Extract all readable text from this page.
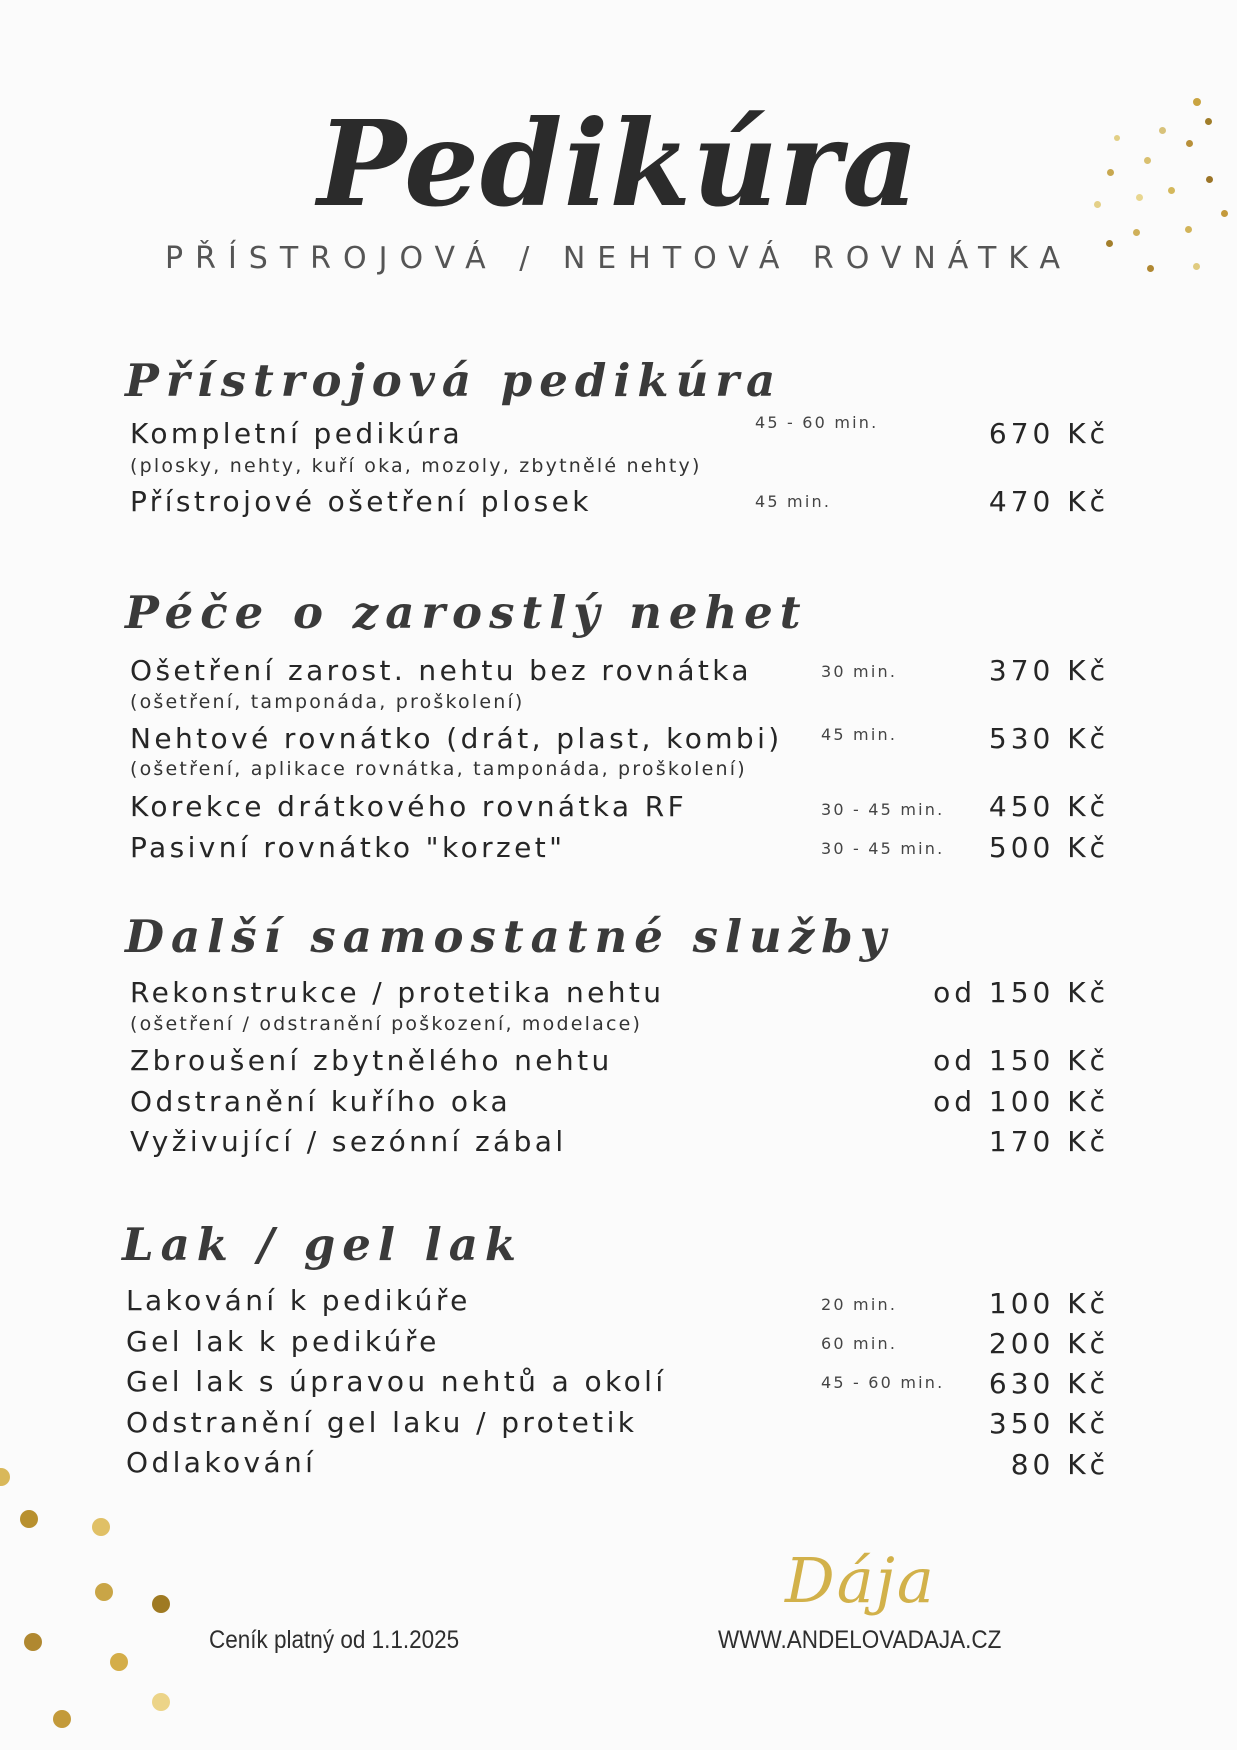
Pedikúra
PŘÍSTROJOVÁ / NEHTOVÁ ROVNÁTKA
Přístrojová pedikúra
Kompletní pedikúra	45 - 60 min.	670 Kč
(plosky, nehty, kuří oka, mozoly, zbytnělé nehty)
Přístrojové ošetření plosek	45 min.	470 Kč
Péče o zarostlý nehet
Ošetření zarost. nehtu bez rovnátka	30 min.	370 Kč
(ošetření, tamponáda, proškolení)
Nehtové rovnátko (drát, plast, kombi) 45 min.	530 Kč
(ošetření, aplikace rovnátka, tamponáda, proškolení)
Korekce drátkového rovnátka RF	30 - 45 min. 450 Kč
Pasivní rovnátko "korzet"	30 - 45 min. 500 Kč
Další samostatné služby
Rekonstrukce / protetika nehtu	od 150 Kč
(ošetření / odstranění poškození, modelace)
Zbroušení zbytnělého nehtu	od 150 Kč
Odstranění kuřího oka	od 100 Kč
Vyživující / sezónní zábal	170 Kč
Lak / gel lak
Lakování k pedikúře	20 min.	100 Kč
Gel lak k pedikúře	60 min.	200 Kč
Gel lak s úpravou nehtů a okolí	45 - 60 min. 630 Kč
Odstranění gel laku / protetik	350 Kč
Odlakování	80 Kč
Ceník platný od 1.1.2025	WWW.ANDELOVADAJA.CZ
Dája
